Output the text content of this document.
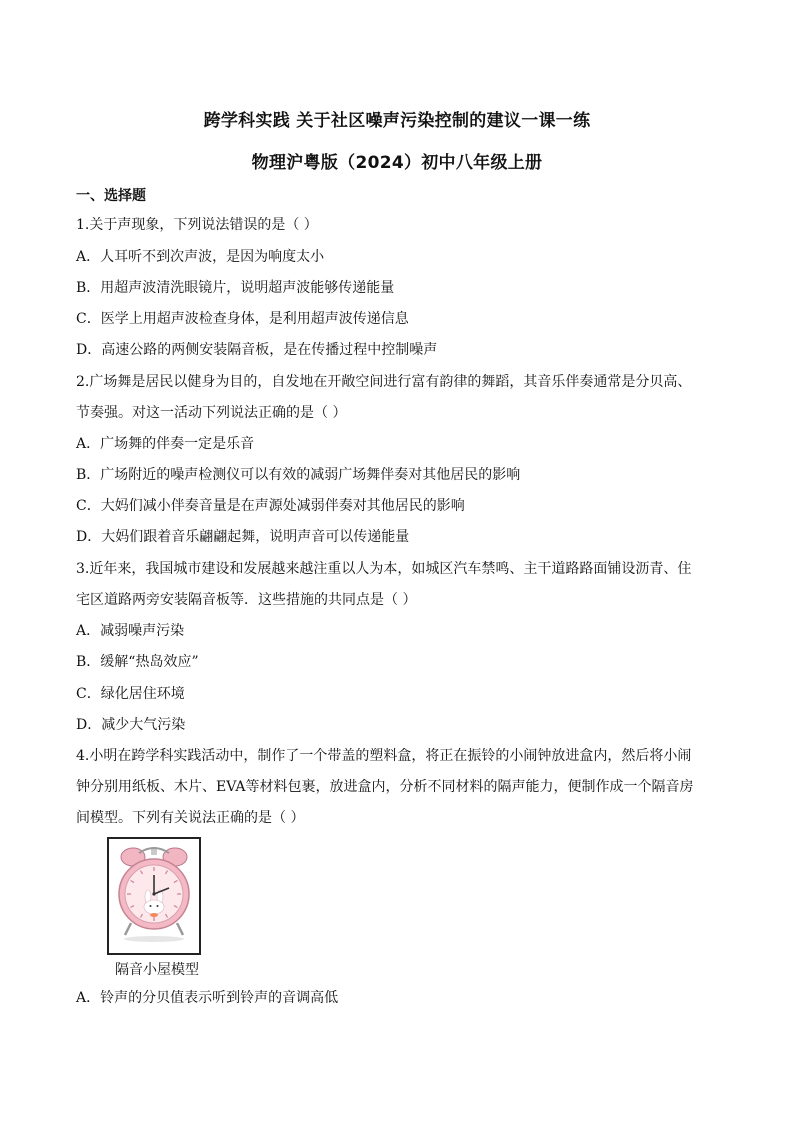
跨学科实践 关于社区噪声污染控制的建议一课一练
物理沪粤版（2024）初中八年级上册
一、选择题
1.关于声现象，下列说法错误的是（ ）
A．人耳听不到次声波，是因为响度太小
B．用超声波清洗眼镜片，说明超声波能够传递能量
C．医学上用超声波检查身体，是利用超声波传递信息
D．高速公路的两侧安装隔音板，是在传播过程中控制噪声
2.广场舞是居民以健身为目的，自发地在开敞空间进行富有韵律的舞蹈，其音乐伴奏通常是分贝高、
节奏强。对这一活动下列说法正确的是（ ）
A．广场舞的伴奏一定是乐音
B．广场附近的噪声检测仪可以有效的减弱广场舞伴奏对其他居民的影响
C．大妈们减小伴奏音量是在声源处减弱伴奏对其他居民的影响
D．大妈们跟着音乐翩翩起舞，说明声音可以传递能量
3.近年来，我国城市建设和发展越来越注重以人为本，如城区汽车禁鸣、主干道路路面铺设沥青、住
宅区道路两旁安装隔音板等．这些措施的共同点是（ ）
A．减弱噪声污染
B．缓解“热岛效应”
C．绿化居住环境
D．减少大气污染
4.小明在跨学科实践活动中，制作了一个带盖的塑料盒，将正在振铃的小闹钟放进盒内，然后将小闹
钟分别用纸板、木片、EVA等材料包裹，放进盒内，分析不同材料的隔声能力，便制作成一个隔音房
间模型。下列有关说法正确的是（ ）
隔音小屋模型
A．铃声的分贝值表示听到铃声的音调高低
